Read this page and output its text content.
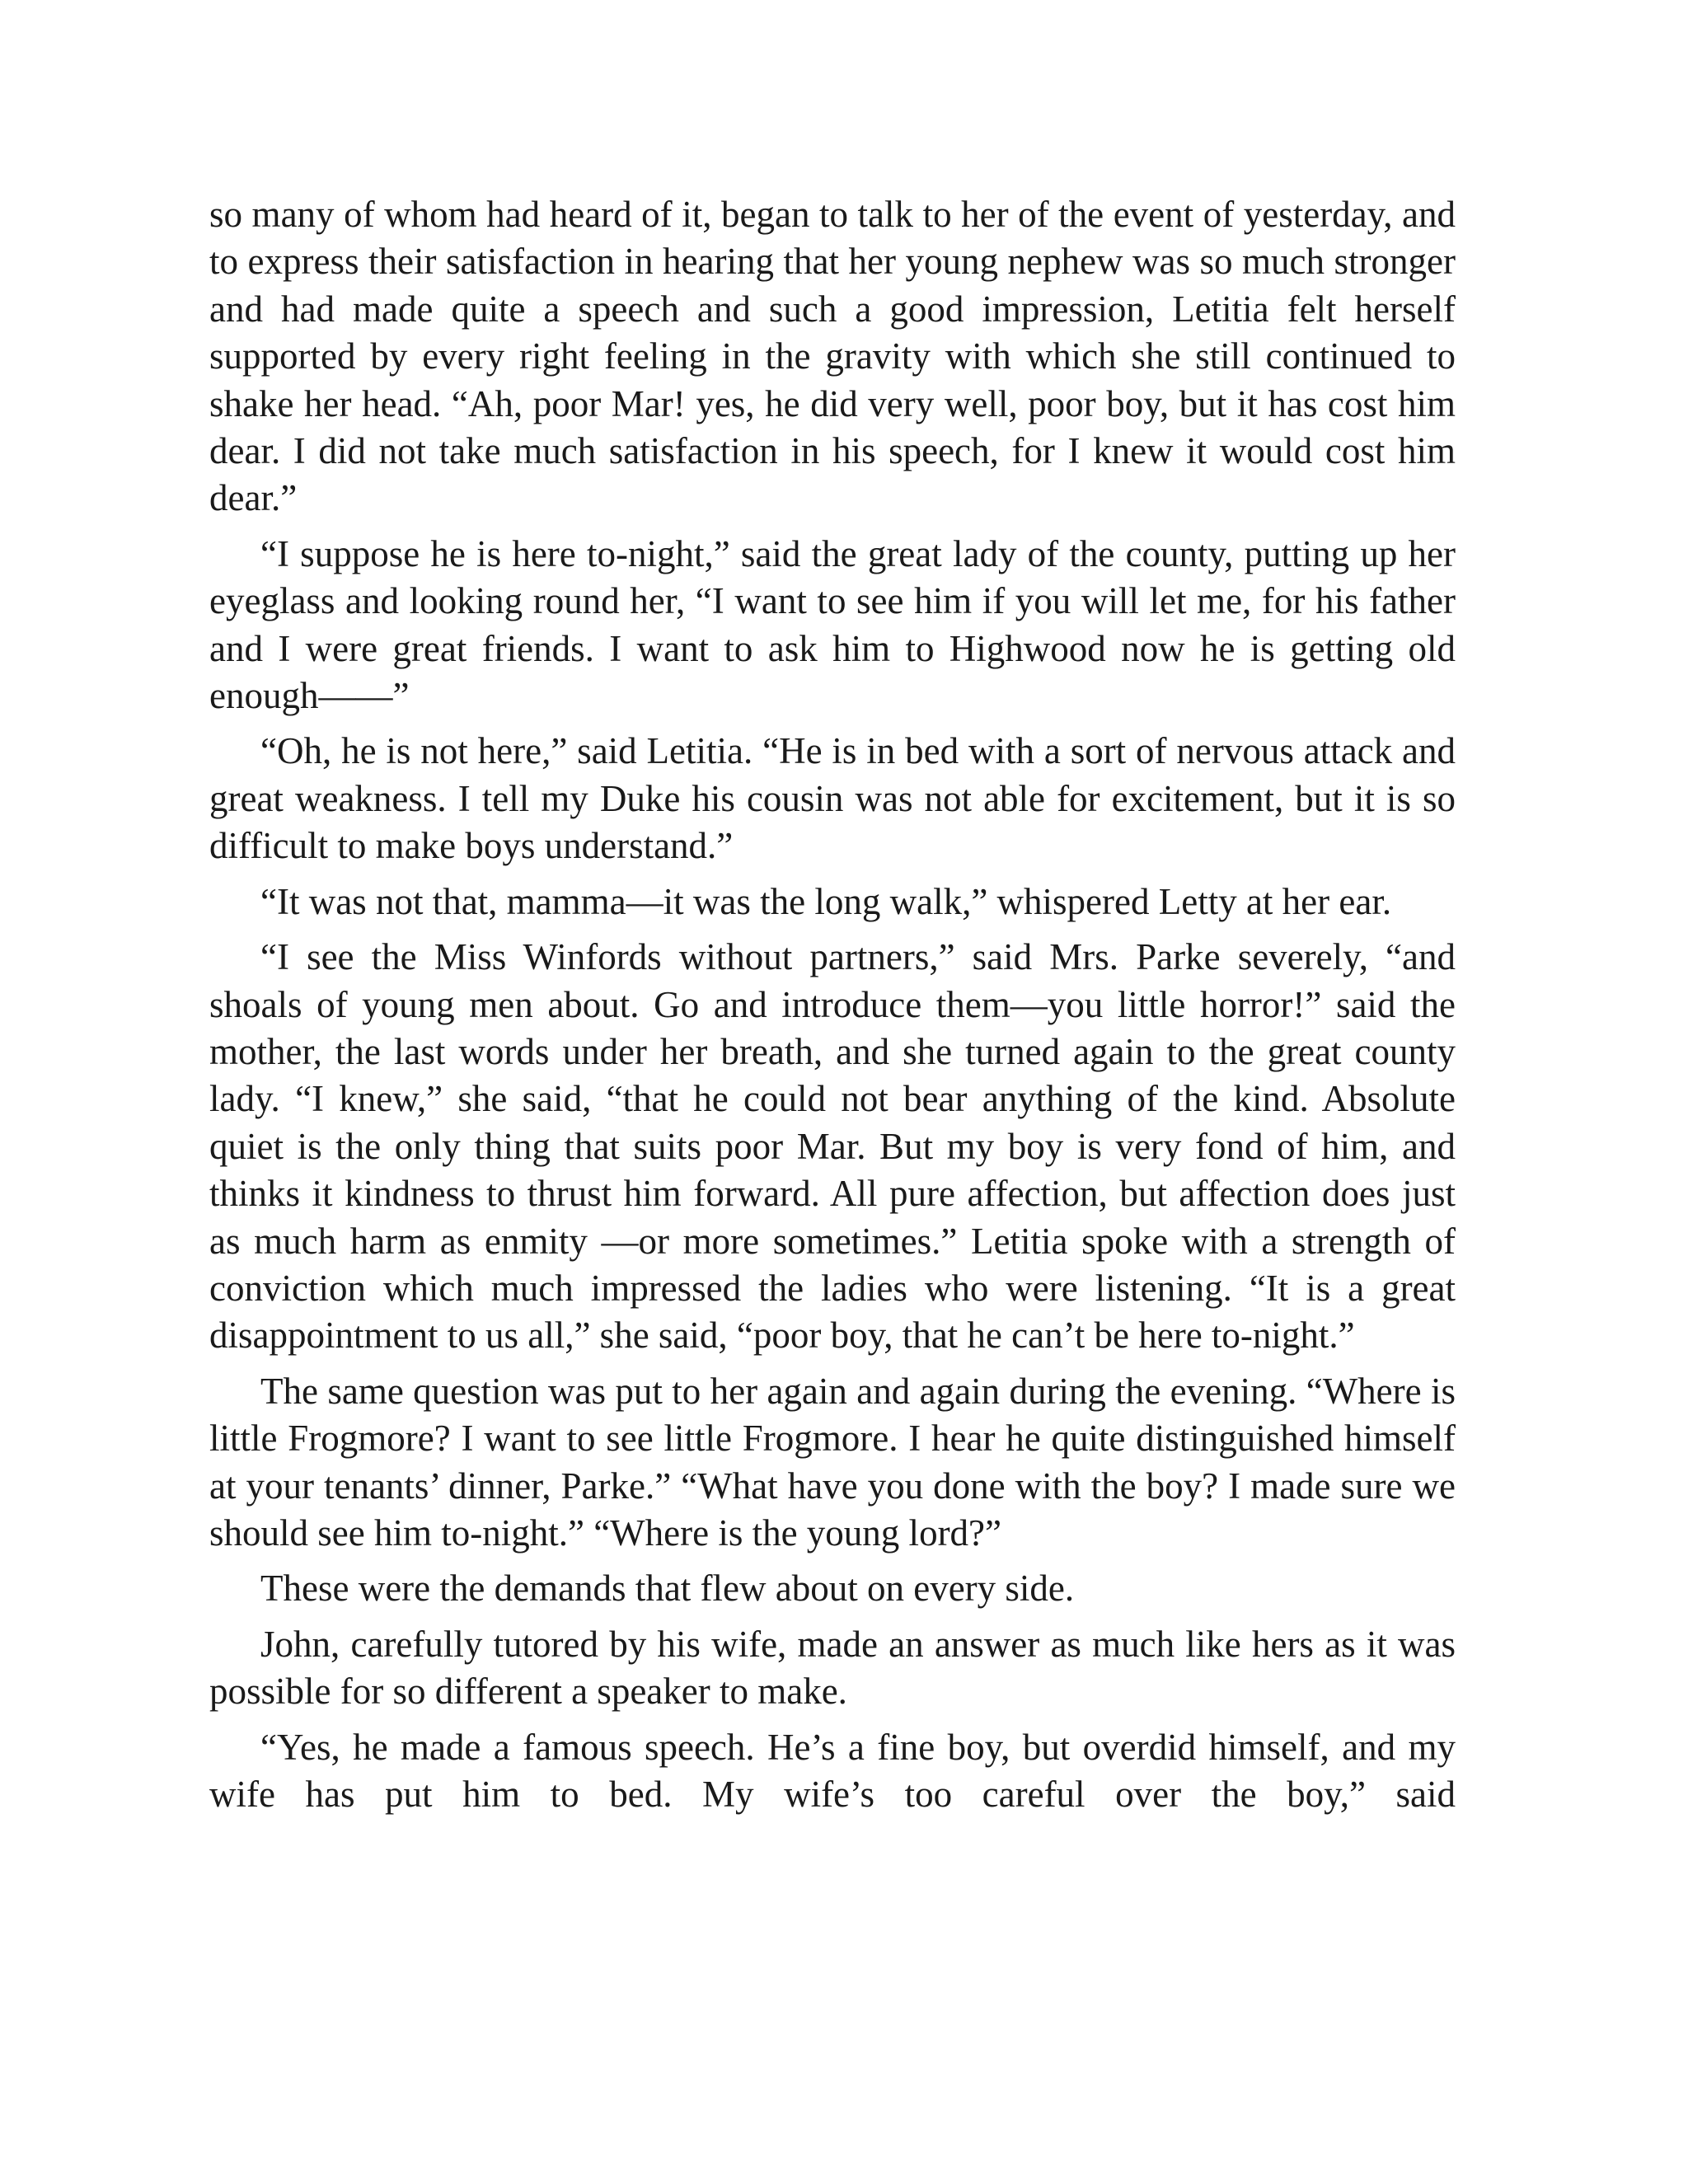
so many of whom had heard of it, began to talk to her of the event of yesterday, and to express their satisfaction in hearing that her young nephew was so much stronger and had made quite a speech and such a good impression, Letitia felt herself supported by every right feeling in the gravity with which she still continued to shake her head. “Ah, poor Mar! yes, he did very well, poor boy, but it has cost him dear. I did not take much satisfaction in his speech, for I knew it would cost him dear.”

“I suppose he is here to-night,” said the great lady of the county, putting up her eyeglass and looking round her, “I want to see him if you will let me, for his father and I were great friends. I want to ask him to Highwood now he is getting old enough——”

“Oh, he is not here,” said Letitia. “He is in bed with a sort of nervous attack and great weakness. I tell my Duke his cousin was not able for excitement, but it is so difficult to make boys understand.”

“It was not that, mamma—it was the long walk,” whispered Letty at her ear.

“I see the Miss Winfords without partners,” said Mrs. Parke severely, “and shoals of young men about. Go and introduce them—you little horror!” said the mother, the last words under her breath, and she turned again to the great county lady. “I knew,” she said, “that he could not bear anything of the kind. Absolute quiet is the only thing that suits poor Mar. But my boy is very fond of him, and thinks it kindness to thrust him forward. All pure affection, but affection does just as much harm as enmity —or more sometimes.” Letitia spoke with a strength of conviction which much impressed the ladies who were listening. “It is a great disappointment to us all,” she said, “poor boy, that he can’t be here to-night.”

The same question was put to her again and again during the evening. “Where is little Frogmore? I want to see little Frogmore. I hear he quite distinguished himself at your tenants’ dinner, Parke.” “What have you done with the boy? I made sure we should see him to-night.” “Where is the young lord?”

These were the demands that flew about on every side.

John, carefully tutored by his wife, made an answer as much like hers as it was possible for so different a speaker to make.

“Yes, he made a famous speech. He’s a fine boy, but overdid himself, and my wife has put him to bed. My wife’s too careful over the boy,” said
